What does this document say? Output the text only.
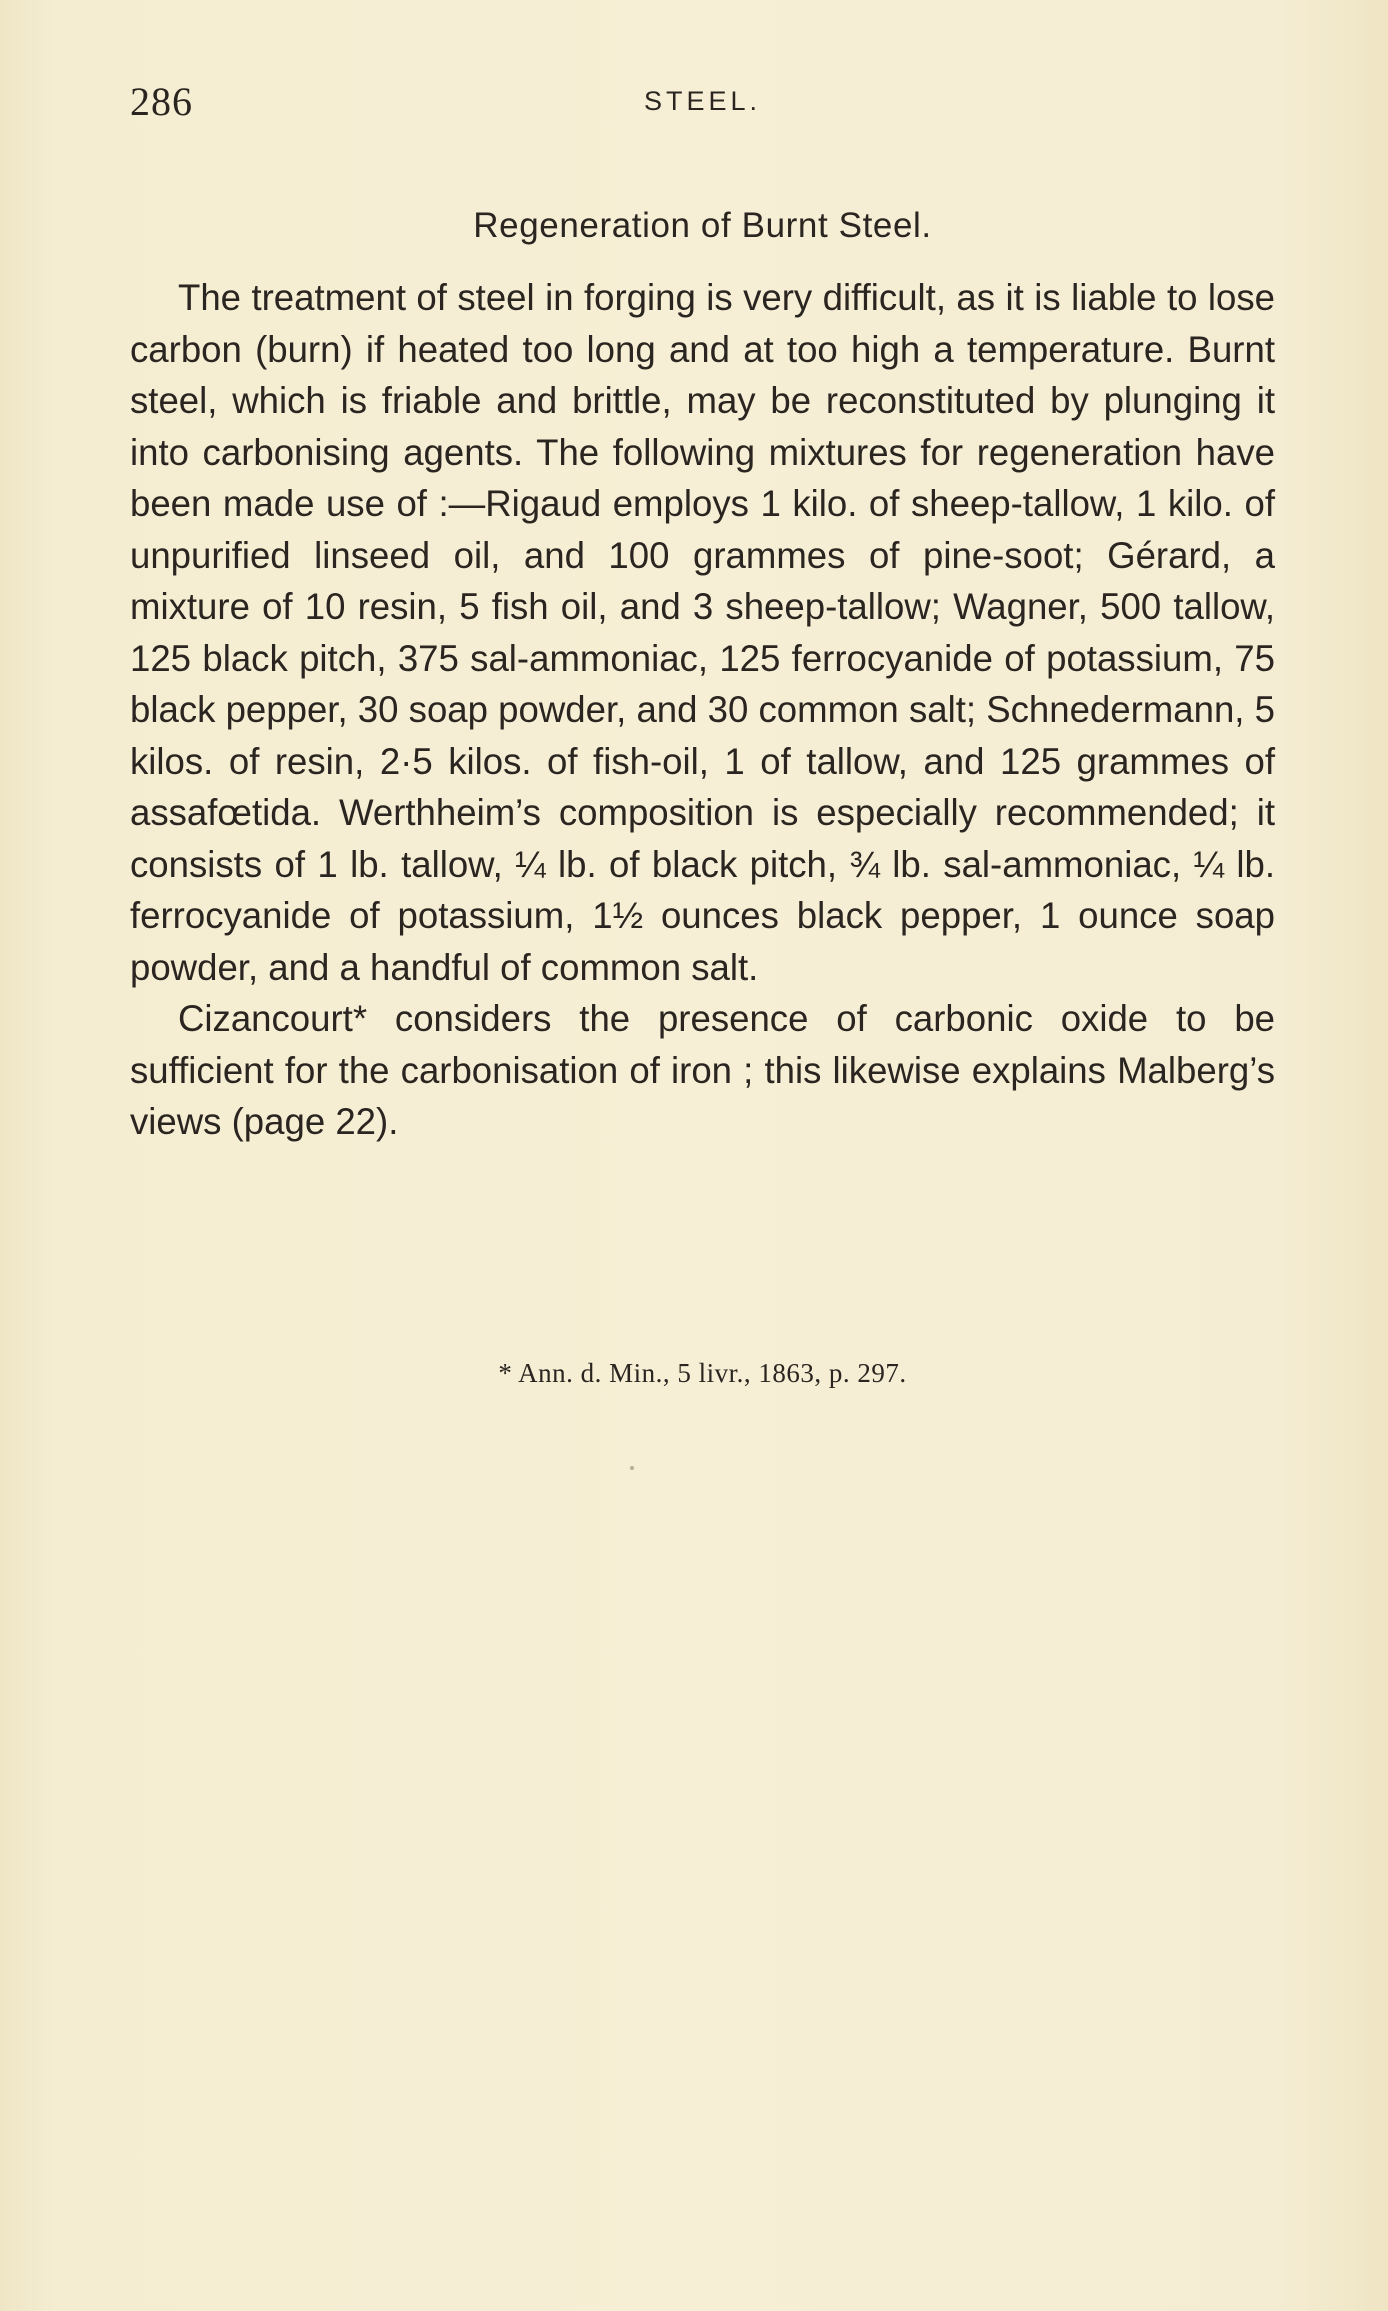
286	STEEL.
Regeneration of Burnt Steel.

The treatment of steel in forging is very difficult, as it is liable to lose carbon (burn) if heated too long and at too high a temperature. Burnt steel, which is friable and brittle, may be reconstituted by plunging it into carbonising agents. The following mixtures for regeneration have been made use of :—Rigaud employs 1 kilo. of sheep-tallow, 1 kilo. of unpurified linseed oil, and 100 grammes of pine-soot; Gérard, a mixture of 10 resin, 5 fish oil, and 3 sheep-tallow; Wagner, 500 tallow, 125 black pitch, 375 sal-ammoniac, 125 ferrocyanide of potassium, 75 black pepper, 30 soap powder, and 30 common salt; Schnedermann, 5 kilos. of resin, 2·5 kilos. of fish-oil, 1 of tallow, and 125 grammes of assafœtida. Werthheim’s composition is especially recommended; it consists of 1 lb. tallow, ¼ lb. of black pitch, ¾ lb. sal-ammoniac, ¼ lb. ferrocyanide of potassium, 1½ ounces black pepper, 1 ounce soap powder, and a handful of common salt.

Cizancourt* considers the presence of carbonic oxide to be sufficient for the carbonisation of iron ; this likewise explains Malberg’s views (page 22).

* Ann. d. Min., 5 livr., 1863, p. 297.
